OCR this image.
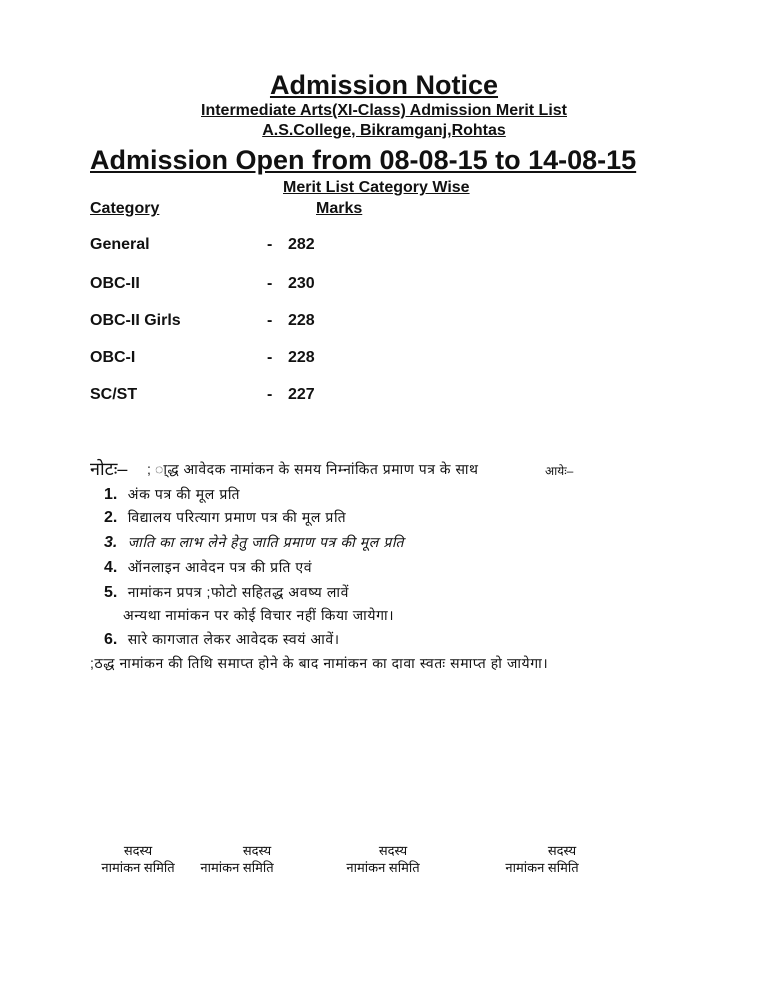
Admission Notice
Intermediate Arts(XI-Class) Admission Merit List
A.S.College, Bikramganj,Rohtas
Admission Open from 08-08-15 to 14-08-15
Merit List Category Wise
Category	Marks
General	- 282
OBC-II	- 230
OBC-II Girls	- 228
OBC-I	- 228
SC/ST	- 227
नोटः– ; ा्द्ध आवेदक नामांकन के समय निम्नांकित प्रमाण पत्र के साथ	आयेः–
1. अंक पत्र की मूल प्रति
2. विद्यालय परित्याग प्रमाण पत्र की मूल प्रति
3. जाति का लाभ लेने हेतु जाति प्रमाण पत्र की मूल प्रति
4. ऑनलाइन आवेदन पत्र की प्रति एवं
5. नामांकन प्रपत्र ;फोटो सहितद्ध अवष्य लावें
अन्यथा नामांकन पर कोई विचार नहीं किया जायेगा।
6. सारे कागजात लेकर आवेदक स्वयं आवें।
;ठद्ध नामांकन की तिथि समाप्त होने के बाद नामांकन का दावा स्वतः समाप्त हो जायेगा।
सदस्य
नामांकन समिति
सदस्य
नामांकन समिति
सदस्य
नामांकन समिति
सदस्य
नामांकन समिति
